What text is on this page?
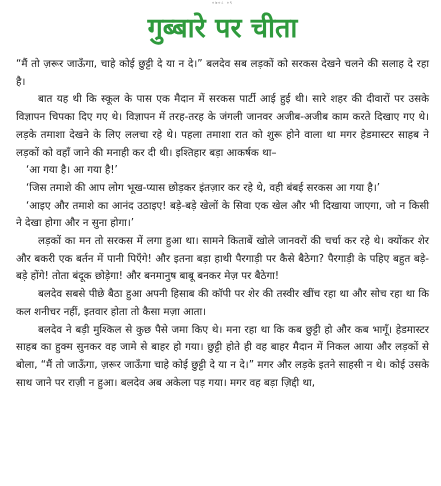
०७०८ ०९
गुब्बारे पर चीता

“मैं तो ज़रूर जाऊँगा, चाहे कोई छुट्टी दे या न दे।” बलदेव सब लड़कों को सरकस देखने चलने की सलाह दे रहा है।

बात यह थी कि स्कूल के पास एक मैदान में सरकस पार्टी आई हुई थी। सारे शहर की दीवारों पर उसके विज्ञापन चिपका दिए गए थे। विज्ञापन में तरह-तरह के जंगली जानवर अजीब-अजीब काम करते दिखाए गए थे। लड़के तमाशा देखने के लिए ललचा रहे थे। पहला तमाशा रात को शुरू होने वाला था मगर हेडमास्टर साहब ने लड़कों को वहाँ जाने की मनाही कर दी थी। इश्तिहार बड़ा आकर्षक था–

‘आ गया है। आ गया है!’

‘जिस तमाशे की आप लोग भूख-प्यास छोड़कर इंतज़ार कर रहे थे, वही बंबई सरकस आ गया है।’

‘आइए और तमाशे का आनंद उठाइए! बड़े-बड़े खेलों के सिवा एक खेल और भी दिखाया जाएगा, जो न किसी ने देखा होगा और न सुना होगा।’

लड़कों का मन तो सरकस में लगा हुआ था। सामने किताबें खोले जानवरों की चर्चा कर रहे थे। क्योंकर शेर और बकरी एक बर्तन में पानी पिएँगे! और इतना बड़ा हाथी पैरगाड़ी पर कैसे बैठेगा? पैरगाड़ी के पहिए बहुत बड़े-बड़े होंगे! तोता बंदूक छोड़ेगा! और बनमानुष बाबू बनकर मेज़ पर बैठेगा!

बलदेव सबसे पीछे बैठा हुआ अपनी हिसाब की कॉपी पर शेर की तस्वीर खींच रहा था और सोच रहा था कि कल शनीचर नहीं, इतवार होता तो कैसा मज़ा आता।

बलदेव ने बड़ी मुश्किल से कुछ पैसे जमा किए थे। मना रहा था कि कब छुट्टी हो और कब भागूँ। हेडमास्टर साहब का हुक्म सुनकर वह जामे से बाहर हो गया। छुट्टी होते ही वह बाहर मैदान में निकल आया और लड़कों से बोला, “मैं तो जाऊँगा, ज़रूर जाऊँगा चाहे कोई छुट्टी दे या न दे।” मगर और लड़के इतने साहसी न थे। कोई उसके साथ जाने पर राज़ी न हुआ। बलदेव अब अकेला पड़ गया। मगर वह बड़ा ज़िद्दी था,
